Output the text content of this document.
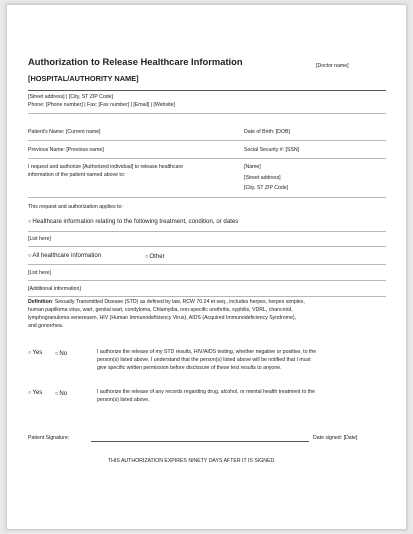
Authorization to Release Healthcare Information	[Doctor name]
[HOSPITAL/AUTHORITY NAME]
[Street address] | [City, ST ZIP Code]
Phone: [Phone number] | Fax: [Fax number] | [Email] | [Website]
Patient's Name: [Current name]	Date of Birth: [DOB]
Previous Name: [Previous name]	Social Security #: [SSN]
I request and authorize [Authorized individual] to release healthcare
information of the patient named above to:
[Name]
[Street address]
[City, ST ZIP Code]
This request and authorization applies to:
○Healthcare information relating to the following treatment, condition, or dates
[List here]
○All healthcare information	○Other
[List here]
[Additional information]
Definition: Sexually Transmitted Disease (STD) as defined by law, RCW 70.24 et seq., includes herpes, herpes simplex,
human papilloma virus, wart, genital wart, condyloma, Chlamydia, non-specific urethritis, syphilis, VDRL, chancroid,
lymphogranuloma venereuem, HIV (Human Immunodeficiency Virus), AIDS (Acquired Immunodeficiency Syndrome),
and gonorrhea.
○Yes ○No	I authorize the release of my STD results, HIV/AIDS testing, whether negative or positive, to the
person(s) listed above. I understand that the person(s) listed above will be notified that I must
give specific written permission before disclosure of these test results to anyone.
○Yes ○No	I authorize the release of any records regarding drug, alcohol, or mental health treatment to the
person(s) listed above.
Patient Signature:	Date signed: [Date]
THIS AUTHORIZATION EXPIRES NINETY DAYS AFTER IT IS SIGNED.
